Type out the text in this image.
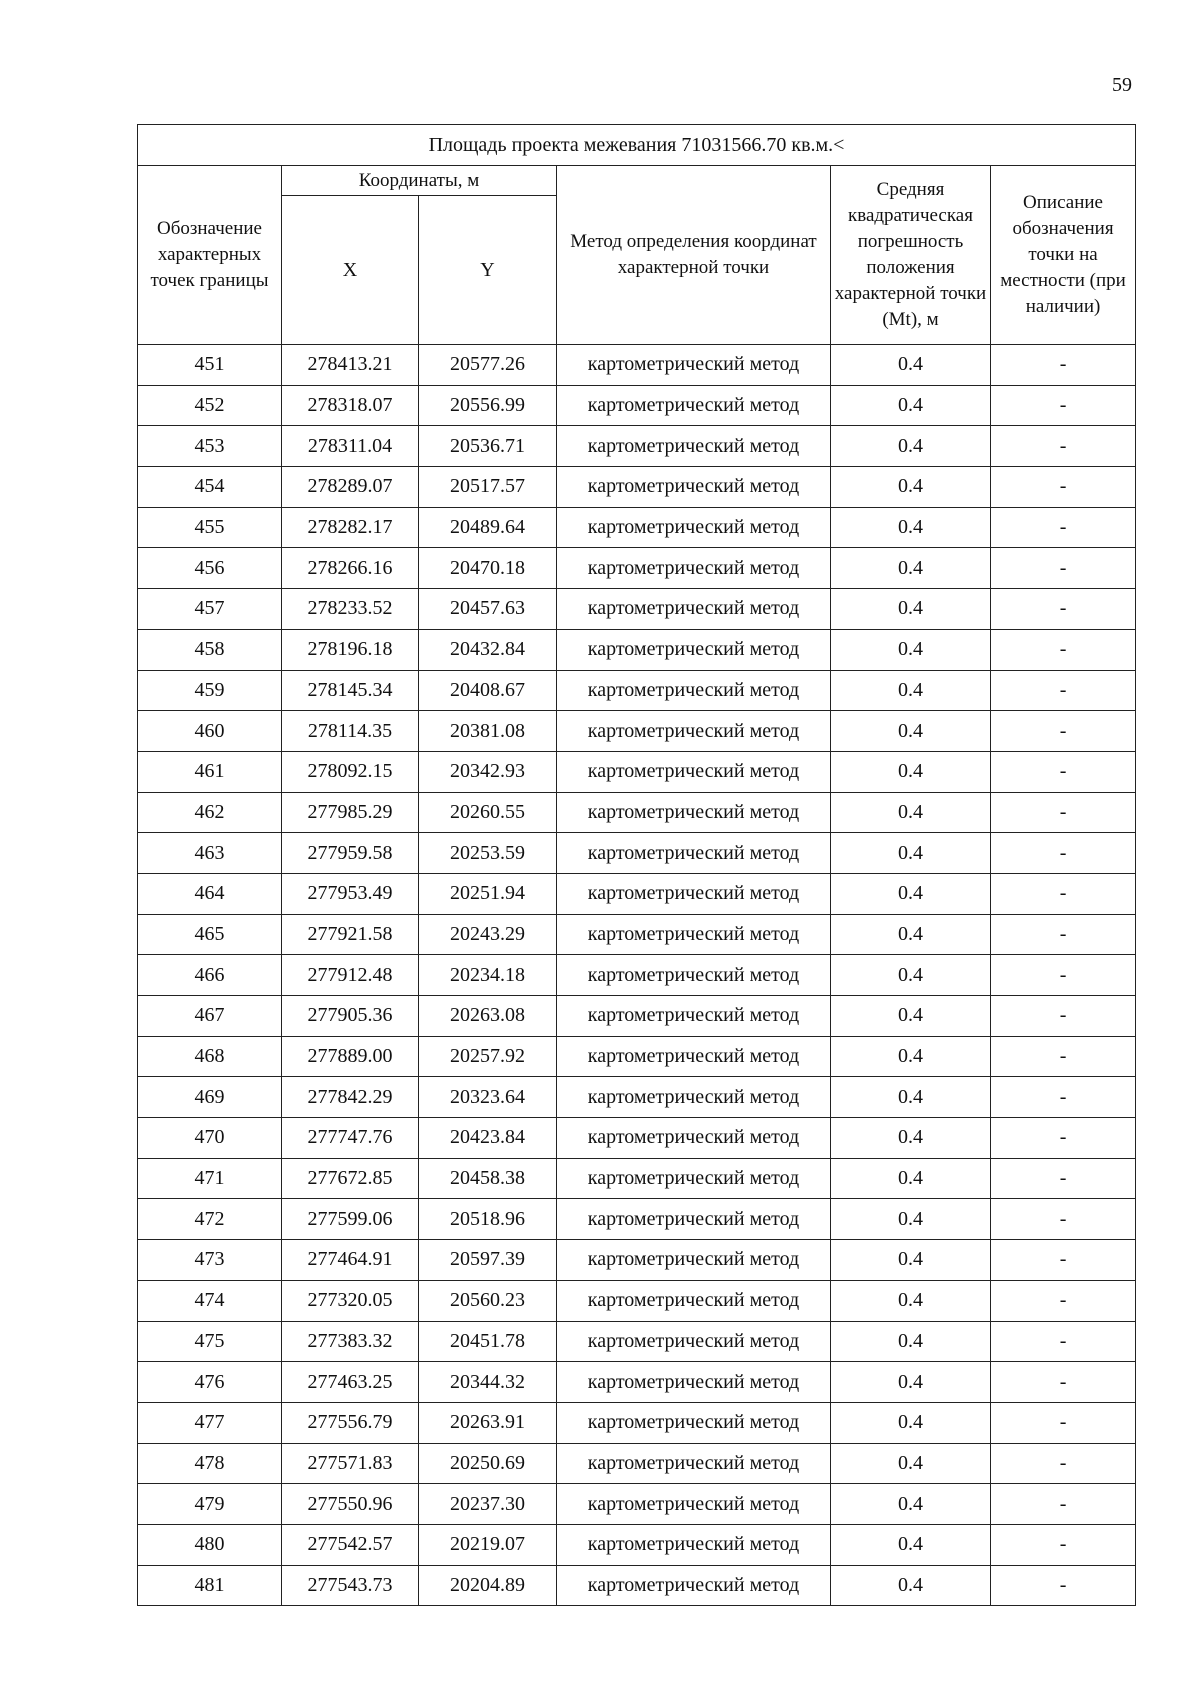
59
Площадь проекта межевания 71031566.70 кв.м.<					
Обозначение характерных точек границы	Координаты, м		Метод определения координат характерной точки	Средняя квадратическая погрешность положения характерной точки (Mt), м	Описание обозначения точки на местности (при наличии)
	X	Y			
451	278413.21	20577.26	картометрический метод	0.4	-
452	278318.07	20556.99	картометрический метод	0.4	-
453	278311.04	20536.71	картометрический метод	0.4	-
454	278289.07	20517.57	картометрический метод	0.4	-
455	278282.17	20489.64	картометрический метод	0.4	-
456	278266.16	20470.18	картометрический метод	0.4	-
457	278233.52	20457.63	картометрический метод	0.4	-
458	278196.18	20432.84	картометрический метод	0.4	-
459	278145.34	20408.67	картометрический метод	0.4	-
460	278114.35	20381.08	картометрический метод	0.4	-
461	278092.15	20342.93	картометрический метод	0.4	-
462	277985.29	20260.55	картометрический метод	0.4	-
463	277959.58	20253.59	картометрический метод	0.4	-
464	277953.49	20251.94	картометрический метод	0.4	-
465	277921.58	20243.29	картометрический метод	0.4	-
466	277912.48	20234.18	картометрический метод	0.4	-
467	277905.36	20263.08	картометрический метод	0.4	-
468	277889.00	20257.92	картометрический метод	0.4	-
469	277842.29	20323.64	картометрический метод	0.4	-
470	277747.76	20423.84	картометрический метод	0.4	-
471	277672.85	20458.38	картометрический метод	0.4	-
472	277599.06	20518.96	картометрический метод	0.4	-
473	277464.91	20597.39	картометрический метод	0.4	-
474	277320.05	20560.23	картометрический метод	0.4	-
475	277383.32	20451.78	картометрический метод	0.4	-
476	277463.25	20344.32	картометрический метод	0.4	-
477	277556.79	20263.91	картометрический метод	0.4	-
478	277571.83	20250.69	картометрический метод	0.4	-
479	277550.96	20237.30	картометрический метод	0.4	-
480	277542.57	20219.07	картометрический метод	0.4	-
481	277543.73	20204.89	картометрический метод	0.4	-
